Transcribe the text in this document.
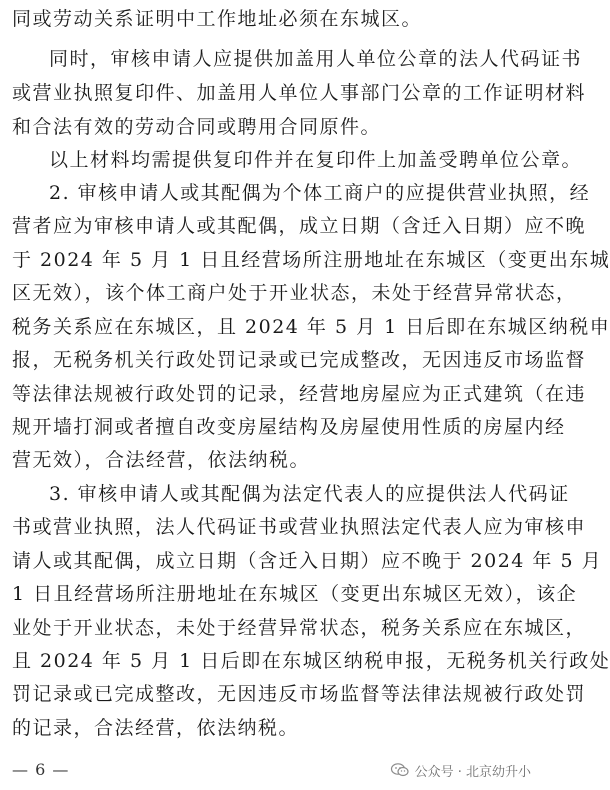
同或劳动关系证明中工作地址必须在东城区。
同时，审核申请人应提供加盖用人单位公章的法人代码证书
或营业执照复印件、加盖用人单位人事部门公章的工作证明材料
和合法有效的劳动合同或聘用合同原件。
以上材料均需提供复印件并在复印件上加盖受聘单位公章。
2. 审核申请人或其配偶为个体工商户的应提供营业执照，经
营者应为审核申请人或其配偶，成立日期（含迁入日期）应不晚
于 2024 年 5 月 1 日且经营场所注册地址在东城区（变更出东城
区无效），该个体工商户处于开业状态，未处于经营异常状态，
税务关系应在东城区，且 2024 年 5 月 1 日后即在东城区纳税申
报，无税务机关行政处罚记录或已完成整改，无因违反市场监督
等法律法规被行政处罚的记录，经营地房屋应为正式建筑（在违
规开墙打洞或者擅自改变房屋结构及房屋使用性质的房屋内经
营无效），合法经营，依法纳税。
3. 审核申请人或其配偶为法定代表人的应提供法人代码证
书或营业执照，法人代码证书或营业执照法定代表人应为审核申
请人或其配偶，成立日期（含迁入日期）应不晚于 2024 年 5 月
1 日且经营场所注册地址在东城区（变更出东城区无效），该企
业处于开业状态，未处于经营异常状态，税务关系应在东城区，
且 2024 年 5 月 1 日后即在东城区纳税申报，无税务机关行政处
罚记录或已完成整改，无因违反市场监督等法律法规被行政处罚
的记录，合法经营，依法纳税。
— 6 —	公众号 · 北京幼升小
